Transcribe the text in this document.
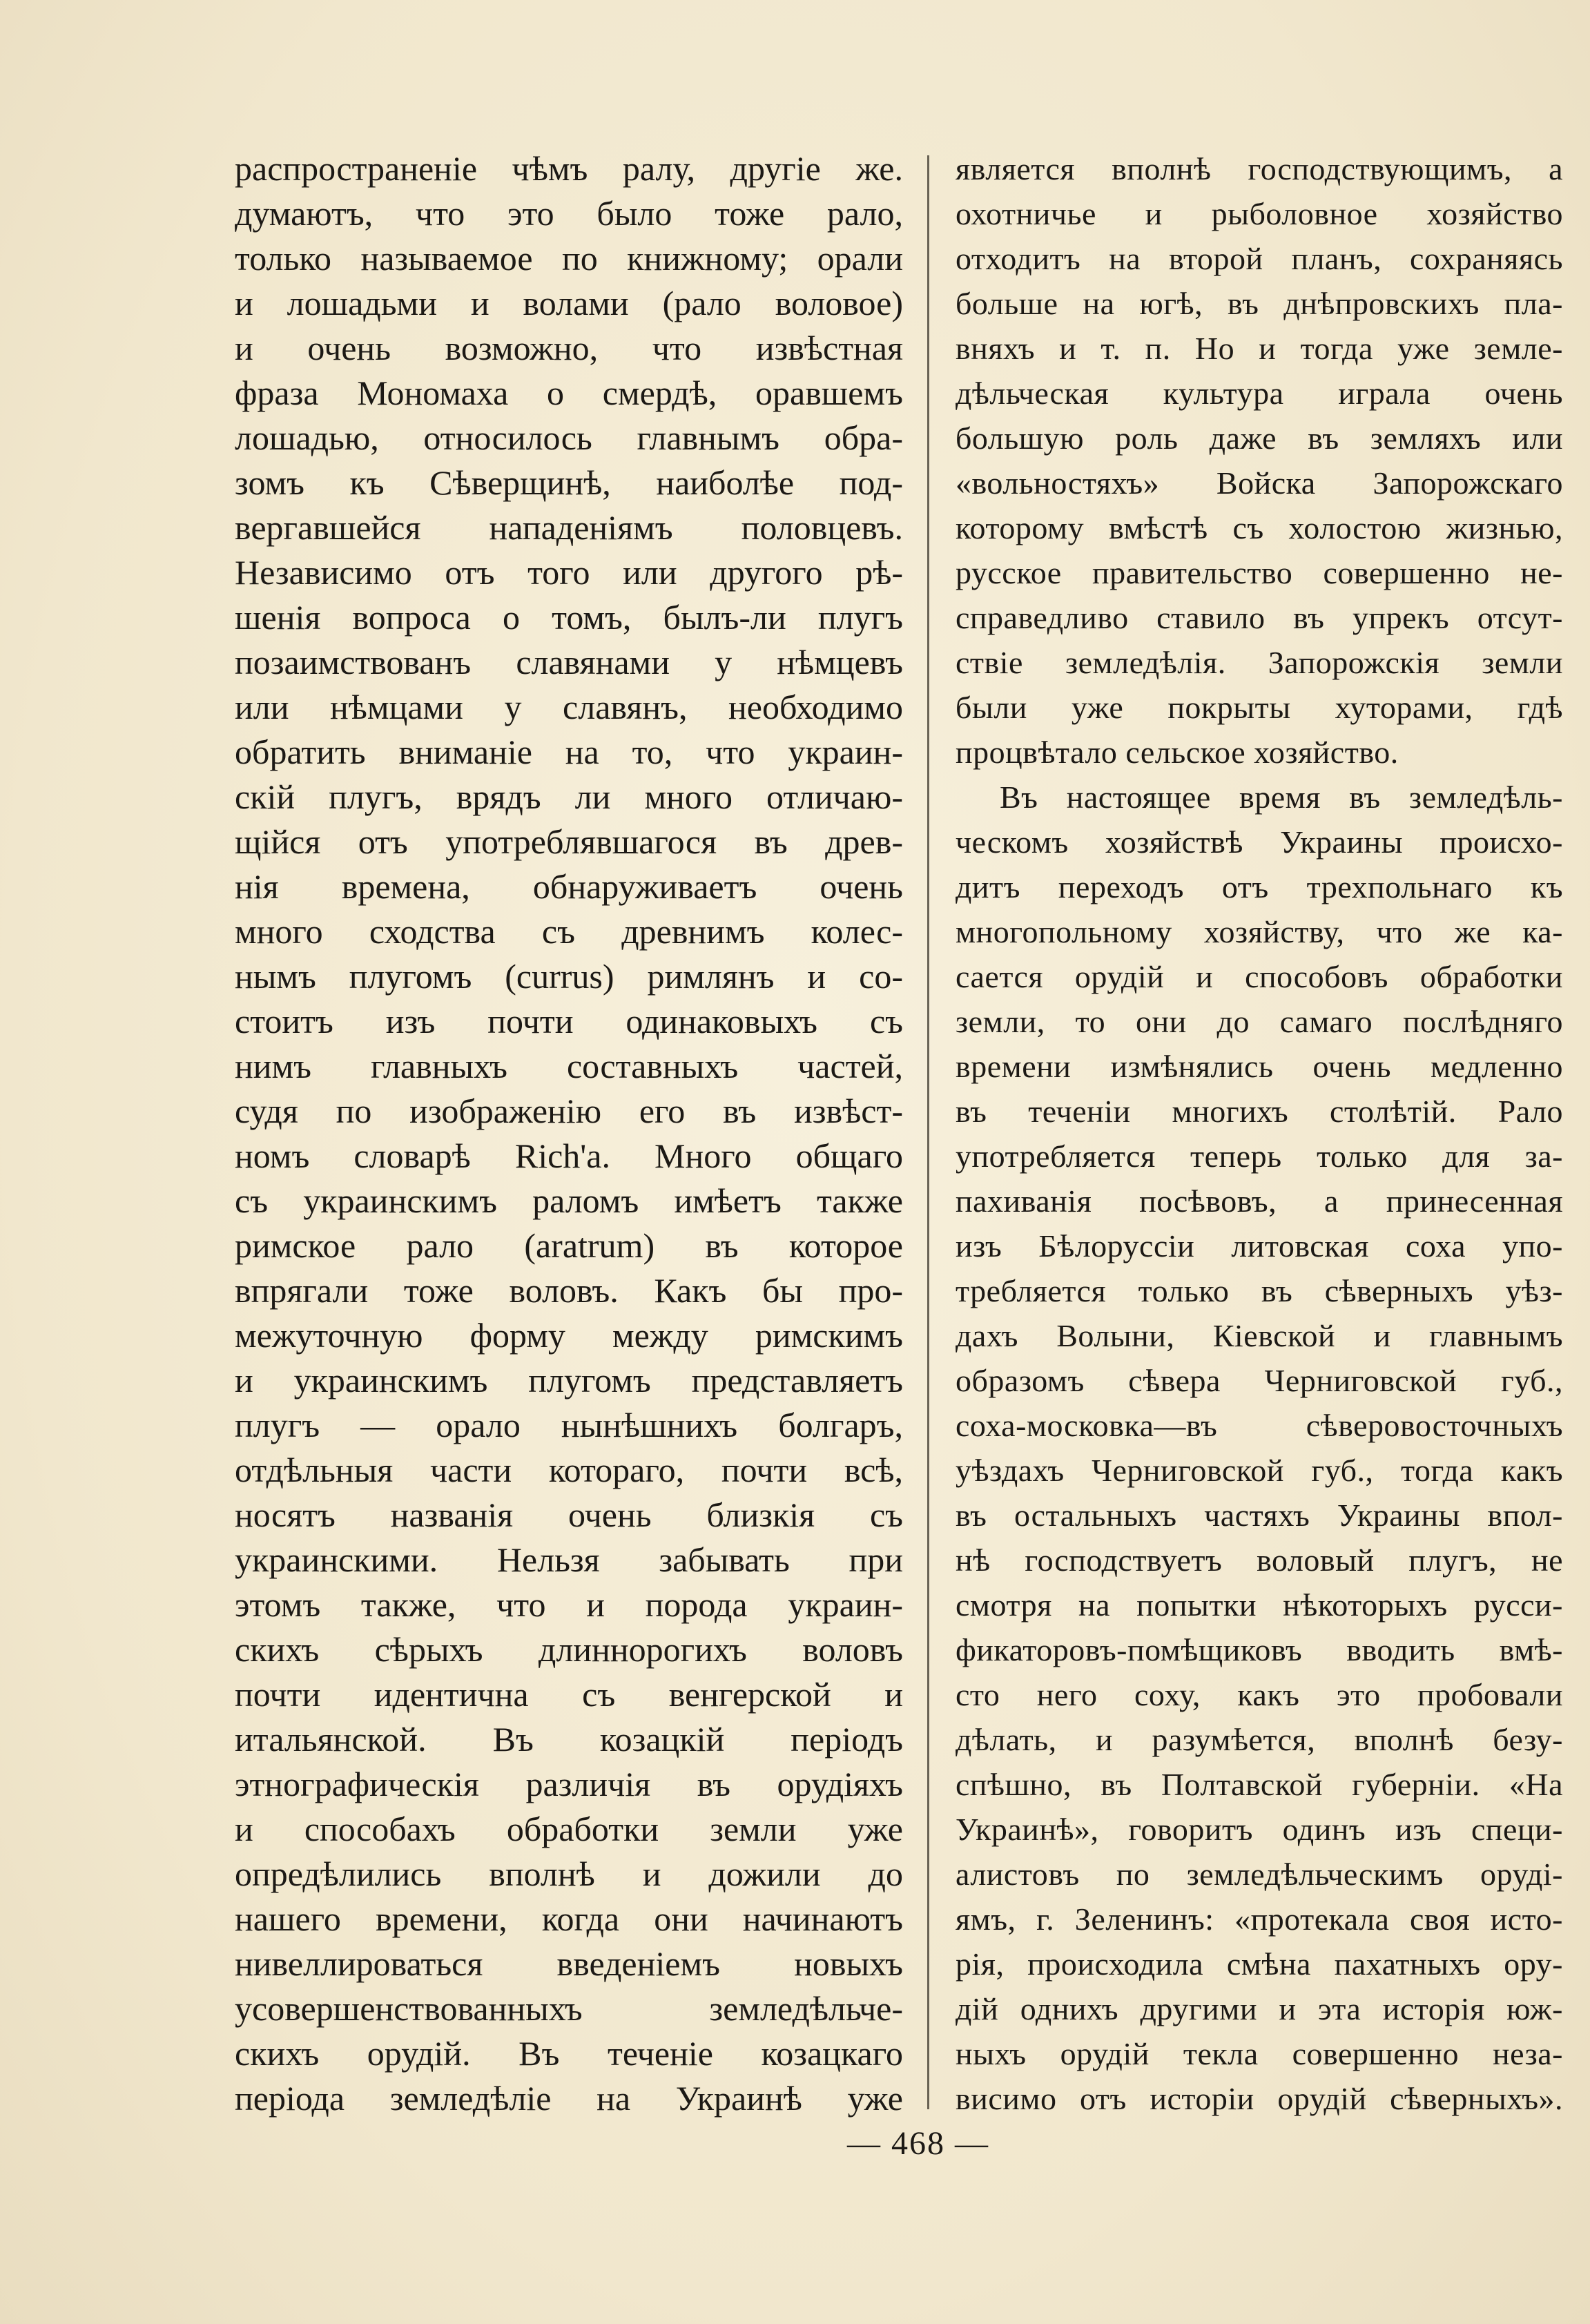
распространеніе чѣмъ ралу, другіе же.
думаютъ, что это было тоже рало,
только называемое по книжному; орали
и лошадьми и волами (рало воловое)
и очень возможно, что извѣстная
фраза Мономаха о смердѣ, оравшемъ
лошадью, относилось главнымъ обра-
зомъ къ Сѣверщинѣ, наиболѣе под-
вергавшейся нападеніямъ половцевъ.
Независимо отъ того или другого рѣ-
шенія вопроса о томъ, былъ-ли плугъ
позаимствованъ славянами у нѣмцевъ
или нѣмцами у славянъ, необходимо
обратить вниманіе на то, что украин-
скій плугъ, врядъ ли много отличаю-
щійся отъ употреблявшагося въ древ-
нія времена, обнаруживаетъ очень
много сходства съ древнимъ колес-
нымъ плугомъ (currus) римлянъ и со-
стоитъ изъ почти одинаковыхъ съ
нимъ главныхъ составныхъ частей,
судя по изображенію его въ извѣст-
номъ словарѣ Rich'a. Много общаго
съ украинскимъ раломъ имѣетъ также
римское рало (aratrum) въ которое
впрягали тоже воловъ. Какъ бы про-
межуточную форму между римскимъ
и украинскимъ плугомъ представляетъ
плугъ — орало нынѣшнихъ болгаръ,
отдѣльныя части котораго, почти всѣ,
носятъ названія очень близкія съ
украинскими. Нельзя забывать при
этомъ также, что и порода украин-
скихъ сѣрыхъ длиннорогихъ воловъ
почти идентична съ венгерской и
итальянской. Въ козацкій періодъ
этнографическія различія въ орудіяхъ
и способахъ обработки земли уже
опредѣлились вполнѣ и дожили до
нашего времени, когда они начинаютъ
нивеллироваться введеніемъ новыхъ
усовершенствованныхъ земледѣльче-
скихъ орудій. Въ теченіе козацкаго
періода земледѣліе на Украинѣ уже
является вполнѣ господствующимъ, а
охотничье и рыболовное хозяйство
отходитъ на второй планъ, сохраняясь
больше на югѣ, въ днѣпровскихъ пла-
вняхъ и т. п. Но и тогда уже земле-
дѣльческая культура играла очень
большую роль даже въ земляхъ или
«вольностяхъ» Войска Запорожскаго
которому вмѣстѣ съ холостою жизнью,
русское правительство совершенно не-
справедливо ставило въ упрекъ отсут-
ствіе земледѣлія. Запорожскія земли
были уже покрыты хуторами, гдѣ
процвѣтало сельское хозяйство.
Въ настоящее время въ земледѣль-
ческомъ хозяйствѣ Украины происхо-
дитъ переходъ отъ трехпольнаго къ
многопольному хозяйству, что же ка-
сается орудій и способовъ обработки
земли, то они до самаго послѣдняго
времени измѣнялись очень медленно
въ теченіи многихъ столѣтій. Рало
употребляется теперь только для за-
пахиванія посѣвовъ, а принесенная
изъ Бѣлоруссіи литовская соха упо-
требляется только въ сѣверныхъ уѣз-
дахъ Волыни, Кіевской и главнымъ
образомъ сѣвера Черниговской губ.,
соха-московка—въ сѣверовосточныхъ
уѣздахъ Черниговской губ., тогда какъ
въ остальныхъ частяхъ Украины впол-
нѣ господствуетъ воловый плугъ, не
смотря на попытки нѣкоторыхъ русси-
фикаторовъ-помѣщиковъ вводить вмѣ-
сто него соху, какъ это пробовали
дѣлать, и разумѣется, вполнѣ безу-
спѣшно, въ Полтавской губерніи. «На
Украинѣ», говоритъ одинъ изъ специ-
алистовъ по земледѣльческимъ оруді-
ямъ, г. Зеленинъ: «протекала своя исто-
рія, происходила смѣна пахатныхъ ору-
дій однихъ другими и эта исторія юж-
ныхъ орудій текла совершенно неза-
висимо отъ исторіи орудій сѣверныхъ».
— 468 —
